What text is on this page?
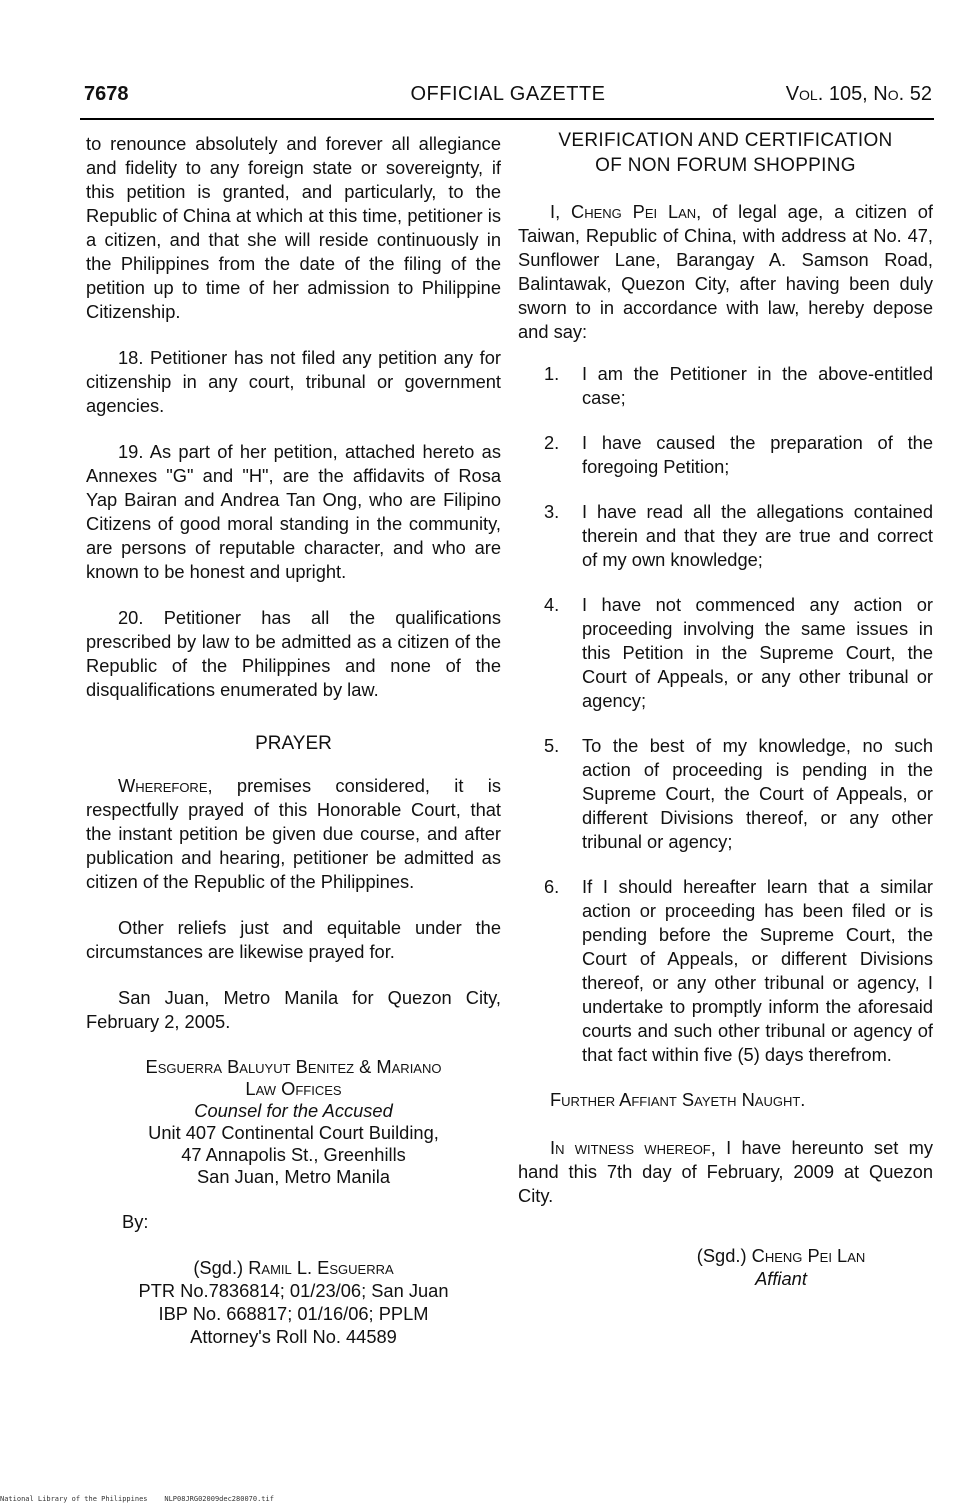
7678	OFFICIAL GAZETTE	Vol. 105, No. 52

to renounce absolutely and forever all allegiance and fidelity to any foreign state or sovereignty, if this petition is granted, and particularly, to the Republic of China at which at this time, petitioner is a citizen, and that she will reside continuously in the Philippines from the date of the filing of the petition up to time of her admission to Philippine Citizenship.

18. Petitioner has not filed any petition any for citizenship in any court, tribunal or government agencies.

19. As part of her petition, attached hereto as Annexes "G" and "H", are the affidavits of Rosa Yap Bairan and Andrea Tan Ong, who are Filipino Citizens of good moral standing in the community, are persons of reputable character, and who are known to be honest and upright.

20. Petitioner has all the qualifications prescribed by law to be admitted as a citizen of the Republic of the Philippines and none of the disqualifications enumerated by law.

PRAYER

Wherefore, premises considered, it is respectfully prayed of this Honorable Court, that the instant petition be given due course, and after publication and hearing, petitioner be admitted as citizen of the Republic of the Philippines.

Other reliefs just and equitable under the circumstances are likewise prayed for.

San Juan, Metro Manila for Quezon City, February 2, 2005.

Esguerra Baluyut Benitez & Mariano
Law Offices
Counsel for the Accused
Unit 407 Continental Court Building,
47 Annapolis St., Greenhills
San Juan, Metro Manila
By:
(Sgd.) Ramil L. Esguerra
PTR No.7836814; 01/23/06; San Juan
IBP No. 668817; 01/16/06; PPLM
Attorney's Roll No. 44589
VERIFICATION AND CERTIFICATION
OF NON FORUM SHOPPING

I, Cheng Pei Lan, of legal age, a citizen of Taiwan, Republic of China, with address at No. 47, Sunflower Lane, Barangay A. Samson Road, Balintawak, Quezon City, after having been duly sworn to in accordance with law, hereby depose and say:

1. I am the Petitioner in the above-entitled case;
2. I have caused the preparation of the foregoing Petition;
3. I have read all the allegations contained therein and that they are true and correct of my own knowledge;
4. I have not commenced any action or proceeding involving the same issues in this Petition in the Supreme Court, the Court of Appeals, or any other tribunal or agency;
5. To the best of my knowledge, no such action of proceeding is pending in the Supreme Court, the Court of Appeals, or different Divisions thereof, or any other tribunal or agency;
6. If I should hereafter learn that a similar action or proceeding has been filed or is pending before the Supreme Court, the Court of Appeals, or different Divisions thereof, or any other tribunal or agency, I undertake to promptly inform the aforesaid courts and such other tribunal or agency of that fact within five (5) days therefrom.

Further Affiant Sayeth Naught.

In witness whereof, I have hereunto set my hand this 7th day of February, 2009 at Quezon City.

(Sgd.) Cheng Pei Lan
Affiant
National Library of the Philippines NLP08JRG02009dec280070.tif
